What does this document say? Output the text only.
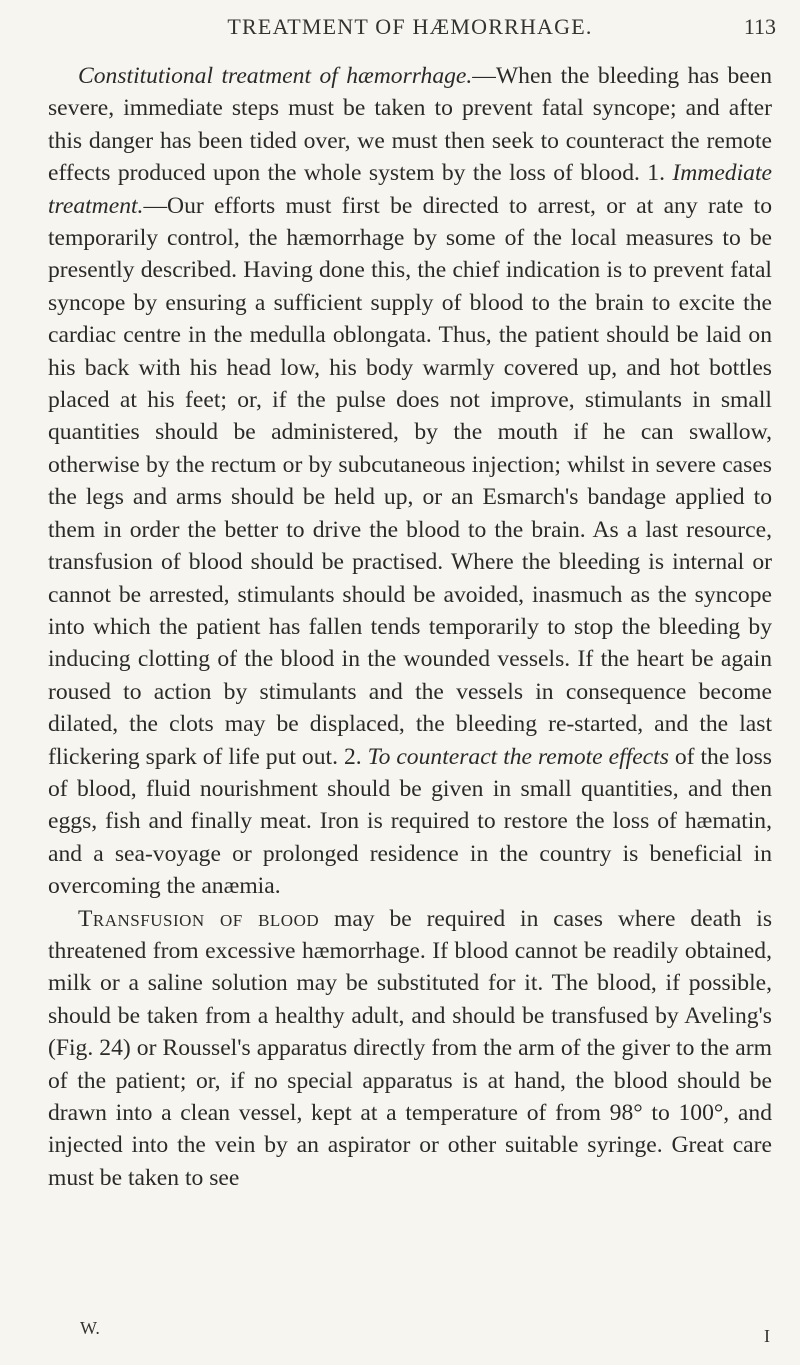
TREATMENT OF HÆMORRHAGE.	113

Constitutional treatment of hæmorrhage.—When the bleeding has been severe, immediate steps must be taken to prevent fatal syncope; and after this danger has been tided over, we must then seek to counteract the remote effects produced upon the whole system by the loss of blood. 1. Immediate treatment.—Our efforts must first be directed to arrest, or at any rate to temporarily control, the hæmorrhage by some of the local measures to be presently described. Having done this, the chief indication is to prevent fatal syncope by ensuring a sufficient supply of blood to the brain to excite the cardiac centre in the medulla oblongata. Thus, the patient should be laid on his back with his head low, his body warmly covered up, and hot bottles placed at his feet; or, if the pulse does not improve, stimulants in small quantities should be administered, by the mouth if he can swallow, otherwise by the rectum or by subcutaneous injection; whilst in severe cases the legs and arms should be held up, or an Esmarch's bandage applied to them in order the better to drive the blood to the brain. As a last resource, transfusion of blood should be practised. Where the bleeding is internal or cannot be arrested, stimulants should be avoided, inasmuch as the syncope into which the patient has fallen tends temporarily to stop the bleeding by inducing clotting of the blood in the wounded vessels. If the heart be again roused to action by stimulants and the vessels in consequence become dilated, the clots may be displaced, the bleeding re-started, and the last flickering spark of life put out. 2. To counteract the remote effects of the loss of blood, fluid nourishment should be given in small quantities, and then eggs, fish and finally meat. Iron is required to restore the loss of hæmatin, and a sea-voyage or prolonged residence in the country is beneficial in overcoming the anæmia.

Transfusion of blood may be required in cases where death is threatened from excessive hæmorrhage. If blood cannot be readily obtained, milk or a saline solution may be substituted for it. The blood, if possible, should be taken from a healthy adult, and should be transfused by Aveling's (Fig. 24) or Roussel's apparatus directly from the arm of the giver to the arm of the patient; or, if no special apparatus is at hand, the blood should be drawn into a clean vessel, kept at a temperature of from 98° to 100°, and injected into the vein by an aspirator or other suitable syringe. Great care must be taken to see

W.	I
